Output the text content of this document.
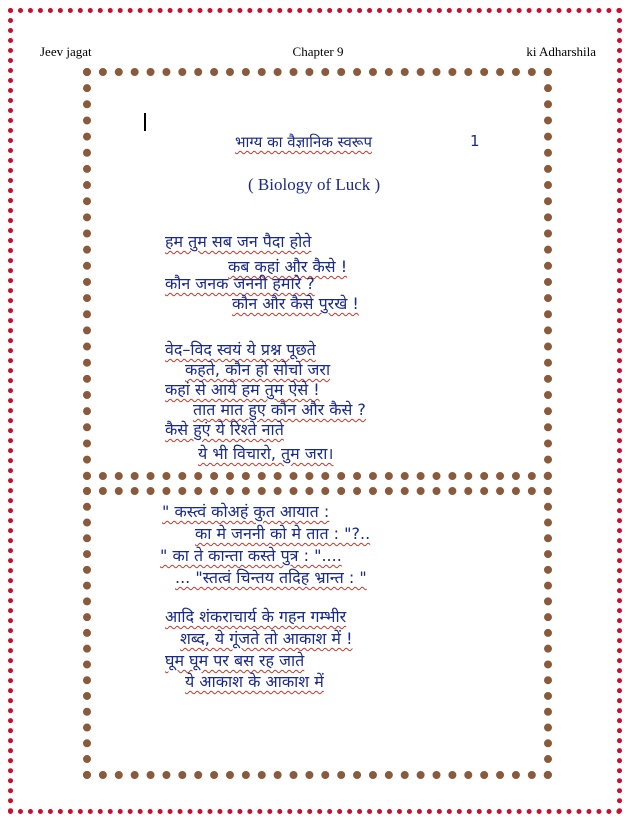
Jeev jagat	Chapter 9	ki Adharshila
भाग्य का वैज्ञानिक स्वरूप	1
( Biology of Luck )
हम तुम सब जन पैदा होते
कब कहां और कैसे !
कौन जनक जननी हमारे ?
कौन और कैसे पुरखे !
वेद–विद स्वयं ये प्रश्न पूछते
कहते, कौन हो सोचो जरा
कहां से आये हम तुम ऐसे !
तात मात हुए कौन और कैसे ?
कैसे हुएं ये रिश्ते नाते
ये भी विचारो, तुम जरा।
" कस्त्वं कोअहं कुत आयात :
का मे जननी को मे तात : "?..
" का ते कान्ता कस्ते पुत्र : "....
... "स्तत्वं चिन्तय तदिह भ्रान्त : "
आदि शंकराचार्य के गहन गम्भीर
शब्द, ये गूंजते तो आकाश में !
घूम घूम पर बस रह जाते
ये आकाश के आकाश में
